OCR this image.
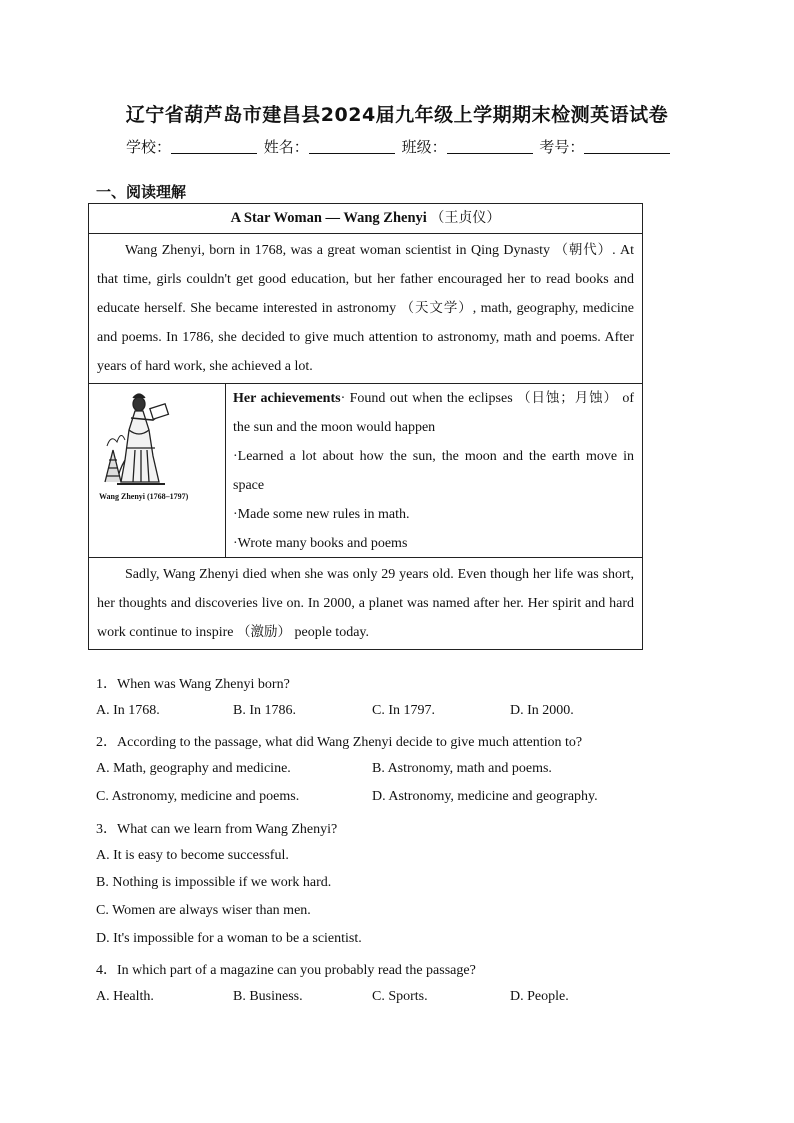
辽宁省葫芦岛市建昌县2024届九年级上学期期末检测英语试卷
学校：	姓名：	班级：	考号：
一、阅读理解
A Star Woman — Wang Zhenyi （王贞仪）
Wang Zhenyi, born in 1768, was a great woman scientist in Qing Dynasty （朝代）. At that time, girls couldn't get good education, but her father encouraged her to read books and educate herself. She became interested in astronomy （天文学）, math, geography, medicine and poems. In 1786, she decided to give much attention to astronomy, math and poems. After years of hard work, she achieved a lot.
Wang Zhenyi (1768–1797)
Her achievements· Found out when the eclipses （日蚀；月蚀） of the sun and the moon would happen
·Learned a lot about how the sun, the moon and the earth move in space
·Made some new rules in math.
·Wrote many books and poems
Sadly, Wang Zhenyi died when she was only 29 years old. Even though her life was short, her thoughts and discoveries live on. In 2000, a planet was named after her. Her spirit and hard work continue to inspire （激励） people today.
1．When was Wang Zhenyi born?
A. In 1768.	B. In 1786.	C. In 1797.	D. In 2000.
2．According to the passage, what did Wang Zhenyi decide to give much attention to?
A. Math, geography and medicine.	B. Astronomy, math and poems.
C. Astronomy, medicine and poems.	D. Astronomy, medicine and geography.
3．What can we learn from Wang Zhenyi?
A. It is easy to become successful.
B. Nothing is impossible if we work hard.
C. Women are always wiser than men.
D. It's impossible for a woman to be a scientist.
4．In which part of a magazine can you probably read the passage?
A. Health.	B. Business.	C. Sports.	D. People.
